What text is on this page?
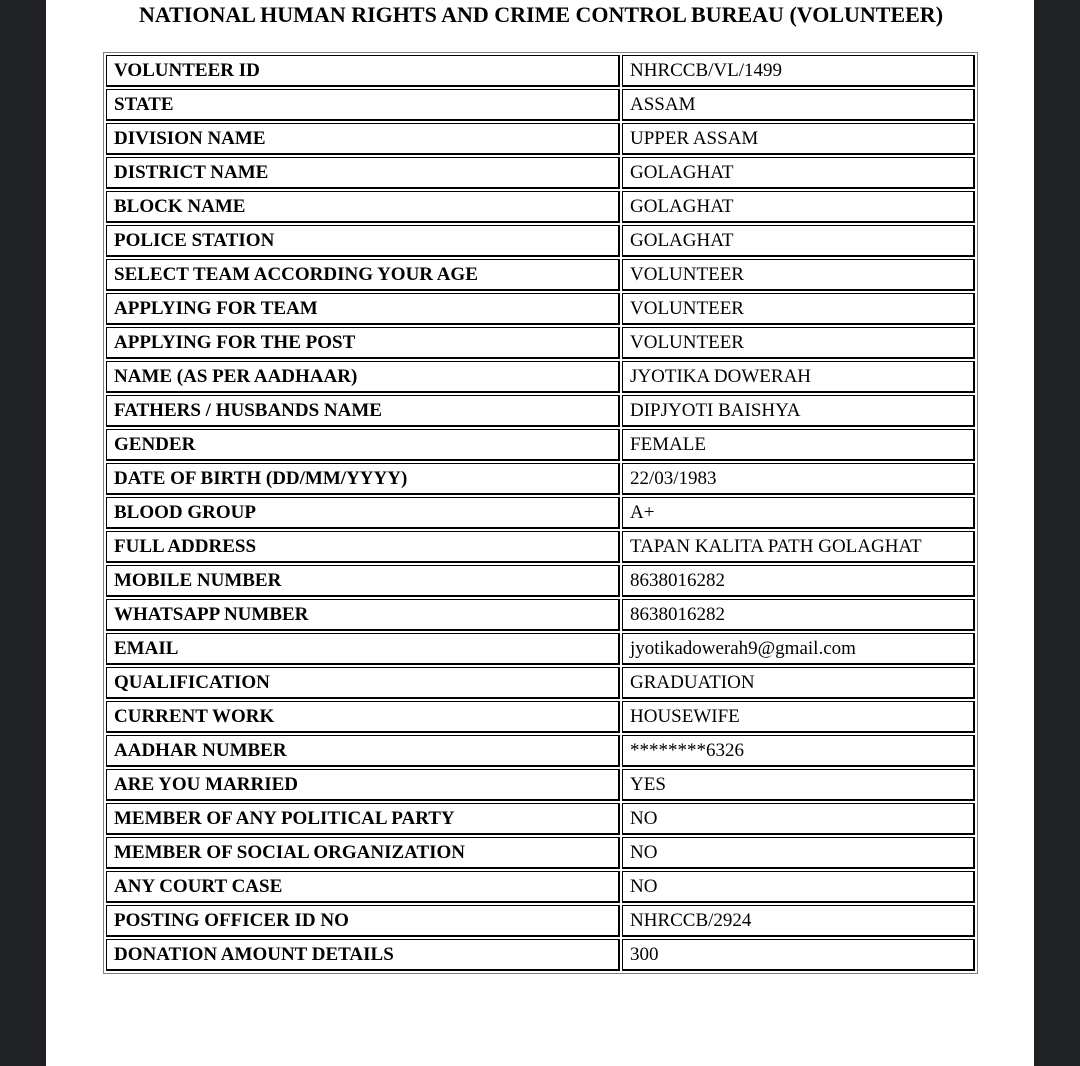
NATIONAL HUMAN RIGHTS AND CRIME CONTROL BUREAU (VOLUNTEER)
VOLUNTEER ID	NHRCCB/VL/1499
STATE	ASSAM
DIVISION NAME	UPPER ASSAM
DISTRICT NAME	GOLAGHAT
BLOCK NAME	GOLAGHAT
POLICE STATION	GOLAGHAT
SELECT TEAM ACCORDING YOUR AGE	VOLUNTEER
APPLYING FOR TEAM	VOLUNTEER
APPLYING FOR THE POST	VOLUNTEER
NAME (AS PER AADHAAR)	JYOTIKA DOWERAH
FATHERS / HUSBANDS NAME	DIPJYOTI BAISHYA
GENDER	FEMALE
DATE OF BIRTH (DD/MM/YYYY)	22/03/1983
BLOOD GROUP	A+
FULL ADDRESS	TAPAN KALITA PATH GOLAGHAT
MOBILE NUMBER	8638016282
WHATSAPP NUMBER	8638016282
EMAIL	jyotikadowerah9@gmail.com
QUALIFICATION	GRADUATION
CURRENT WORK	HOUSEWIFE
AADHAR NUMBER	********6326
ARE YOU MARRIED	YES
MEMBER OF ANY POLITICAL PARTY	NO
MEMBER OF SOCIAL ORGANIZATION	NO
ANY COURT CASE	NO
POSTING OFFICER ID NO	NHRCCB/2924
DONATION AMOUNT DETAILS	300
